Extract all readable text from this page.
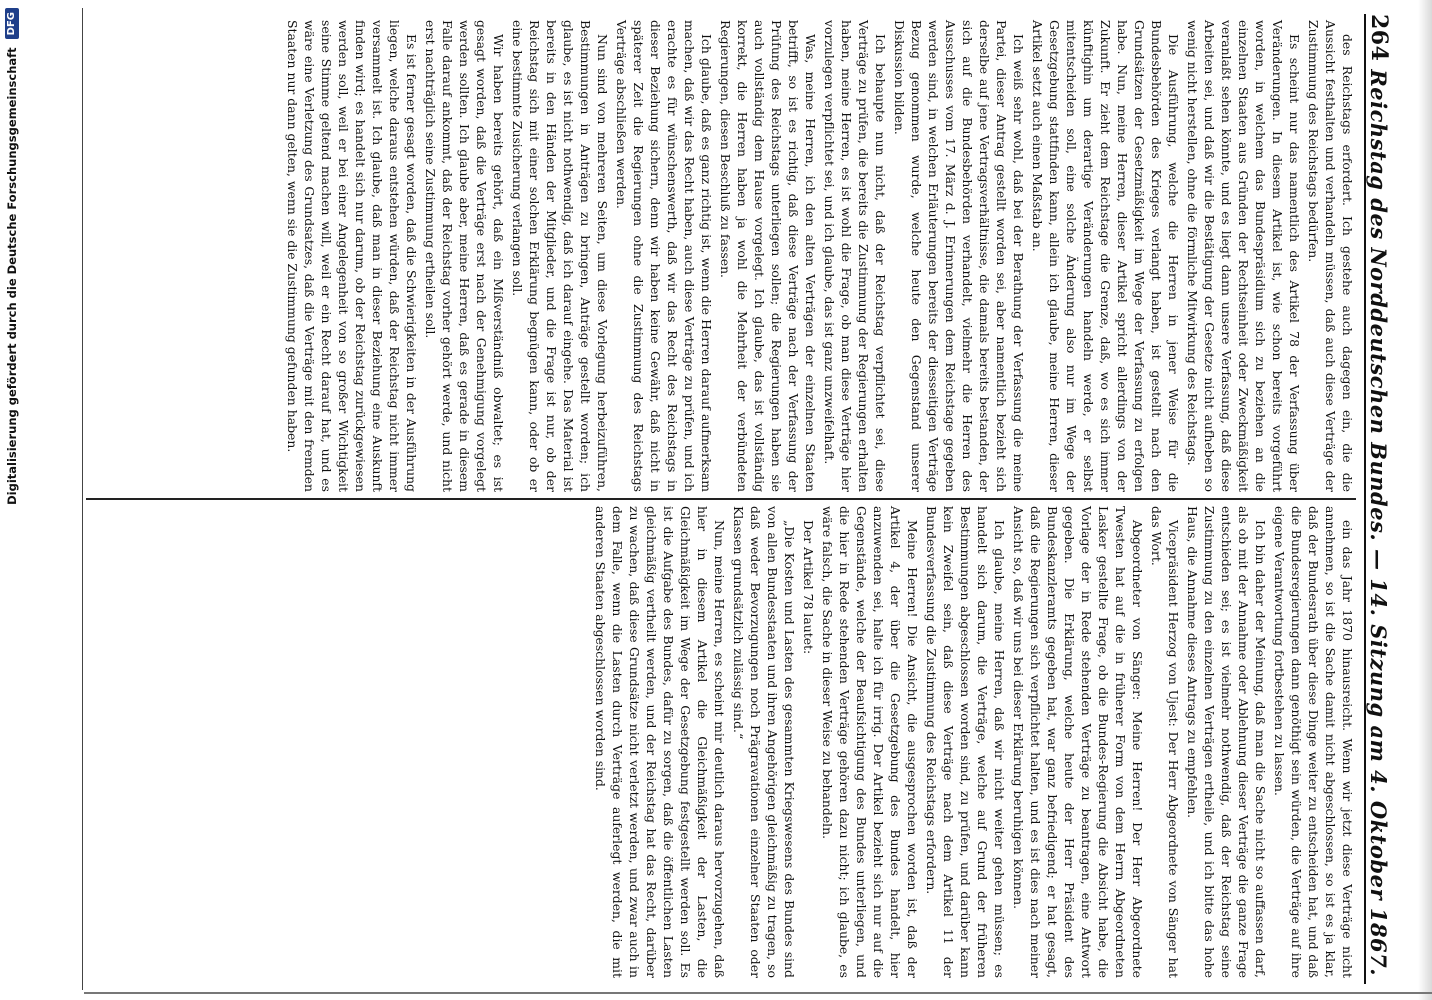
Digitalisierung gefördert durch die Deutsche Forschungsgemeinschaft
DFG	264
Reichstag des Norddeutschen Bundes. — 14. Sitzung am 4. Oktober 1867.

des Reichstags erfordert. Ich gestehe auch dagegen ein, die die Aussicht festhalten und verhandeln müssen, daß auch diese Verträge der Zustimmung des Reichstags bedürfen.

Es scheint nur das namentlich des Artikel 78 der Verfassung über Veränderungen. In diesem Artikel ist, wie schon bereits vorgeführt worden, in welchem das Bundespräsidium sich zu beziehen an die einzelnen Staaten aus Gründen der Rechtseinheit oder Zweckmäßigkeit veranlaßt sehen könnte, und es liegt dann unsere Verfassung, daß diese Arbeiten sei, und daß wir die Bestätigung der Gesetze nicht aufheben so wenig nicht herstellen, ohne die förmliche Mitwirkung des Reichstags.

Die Ausführung, welche die Herren in jener Weise für die Bundesbehörden des Krieges verlangt haben, ist gestellt nach den Grundsätzen der Gesetzmäßigkeit im Wege der Verfassung zu erfolgen habe. Nun, meine Herren, dieser Artikel spricht allerdings von der Zukunft. Er zieht dem Reichstage die Grenze, daß, wo es sich immer künftighin um derartige Veränderungen handeln werde, er selbst mitentscheiden soll, eine solche Änderung also nur im Wege der Gesetzgebung stattfinden kann, allein ich glaube, meine Herren, dieser Artikel setzt auch einen Maßstab an.

Ich weiß sehr wohl, daß bei der Berathung der Verfassung die meine Partei, dieser Antrag gestellt worden sei, aber namentlich bezieht sich derselbe auf jene Vertragsverhältnisse, die damals bereits bestanden, der sich auf die Bundesbehörden verhandelt, vielmehr die Herren des Ausschusses vom 17. März d. J. Erinnerungen dem Reichstage gegeben werden sind, in welchen Erläuterungen bereits der diesseitigen Verträge Bezug genommen wurde, welche heute den Gegenstand unserer Diskussion bilden.

Ich behaupte nun nicht, daß der Reichstag verpflichtet sei, diese Verträge zu prüfen, die bereits die Zustimmung der Regierungen erhalten haben, meine Herren, es ist wohl die Frage, ob man diese Verträge hier vorzulegen verpflichtet sei, und ich glaube, das ist ganz unzweifelhaft.

Was, meine Herren, ich den alten Verträgen der einzelnen Staaten betrifft, so ist es richtig, daß diese Verträge nach der Verfassung der Prüfung des Reichstags unterliegen sollen; die Regierungen haben sie auch vollständig dem Hause vorgelegt. Ich glaube, das ist vollständig korrekt, die Herren haben ja wohl die Mehrheit der verbündeten Regierungen, diesen Beschluß zu fassen.

Ich glaube, daß es ganz richtig ist, wenn die Herren darauf aufmerksam machen, daß wir das Recht haben, auch diese Verträge zu prüfen, und ich erachte es für wünschenswerth, daß wir das Recht des Reichstags in dieser Beziehung sichern, denn wir haben keine Gewähr, daß nicht in späterer Zeit die Regierungen ohne die Zustimmung des Reichstags Verträge abschließen werden.

Nun sind von mehreren Seiten, um diese Vorlegung herbeizuführen, Bestimmungen in Anträgen zu bringen, Anträge gestellt worden; ich glaube, es ist nicht nothwendig, daß ich darauf eingehe. Das Material ist bereits in den Händen der Mitglieder, und die Frage ist nur, ob der Reichstag sich mit einer solchen Erklärung begnügen kann, oder ob er eine bestimmte Zusicherung verlangen soll.

Wir haben bereits gehört, daß ein Mißverständniß obwaltet; es ist gesagt worden, daß die Verträge erst nach der Genehmigung vorgelegt werden sollten. Ich glaube aber, meine Herren, daß es gerade in diesem Falle darauf ankommt, daß der Reichstag vorher gehört werde, und nicht erst nachträglich seine Zustimmung ertheilen soll.

Es ist ferner gesagt worden, daß die Schwierigkeiten in der Ausführung liegen, welche daraus entstehen würden, daß der Reichstag nicht immer versammelt ist. Ich glaube, daß man in dieser Beziehung eine Auskunft finden wird; es handelt sich nur darum, ob der Reichstag zurückgewiesen werden soll, weil er bei einer Angelegenheit von so großer Wichtigkeit seine Stimme geltend machen will, weil er ein Recht darauf hat, und es wäre eine Verletzung des Grundsatzes, daß die Verträge mit den fremden Staaten nur dann gelten, wenn sie die Zustimmung gefunden haben.

ein das Jahr 1870 hinausreicht. Wenn wir jetzt diese Verträge nicht annehmen, so ist die Sache damit nicht abgeschlossen, so ist es ja klar, daß der Bundesrath über diese Dinge weiter zu entscheiden hat, und daß die Bundesregierungen dann genöthigt sein würden, die Verträge auf ihre eigene Verantwortung fortbestehen zu lassen.

Ich bin daher der Meinung, daß man die Sache nicht so auffassen darf, als ob mit der Annahme oder Ablehnung dieser Verträge die ganze Frage entschieden sei; es ist vielmehr nothwendig, daß der Reichstag seine Zustimmung zu den einzelnen Verträgen ertheile, und ich bitte das hohe Haus, die Annahme dieses Antrags zu empfehlen.

Vicepräsident Herzog von Ujest: Der Herr Abgeordnete von Sänger hat das Wort.

Abgeordneter von Sänger: Meine Herren! Der Herr Abgeordnete Twesten hat auf die in früherer Form von dem Herrn Abgeordneten Lasker gestellte Frage, ob die Bundes-Regierung die Absicht habe, die Vorlage der in Rede stehenden Verträge zu beantragen, eine Antwort gegeben. Die Erklärung, welche heute der Herr Präsident des Bundeskanzleramts gegeben hat, war ganz befriedigend; er hat gesagt, daß die Regierungen sich verpflichtet halten, und es ist dies nach meiner Ansicht so, daß wir uns bei dieser Erklärung beruhigen können.

Ich glaube, meine Herren, daß wir nicht weiter gehen müssen; es handelt sich darum, die Verträge, welche auf Grund der früheren Bestimmungen abgeschlossen worden sind, zu prüfen, und darüber kann kein Zweifel sein, daß diese Verträge nach dem Artikel 11 der Bundesverfassung die Zustimmung des Reichstags erfordern.

Meine Herren! Die Ansicht, die ausgesprochen worden ist, daß der Artikel 4, der über die Gesetzgebung des Bundes handelt, hier anzuwenden sei, halte ich für irrig. Der Artikel bezieht sich nur auf die Gegenstände, welche der Beaufsichtigung des Bundes unterliegen, und die hier in Rede stehenden Verträge gehören dazu nicht; ich glaube, es wäre falsch, die Sache in dieser Weise zu behandeln.

Der Artikel 78 lautet:

„Die Kosten und Lasten des gesammten Kriegswesens des Bundes sind von allen Bundesstaaten und ihren Angehörigen gleichmäßig zu tragen, so daß weder Bevorzugungen noch Prägravationen einzelner Staaten oder Klassen grundsätzlich zulässig sind.“

Nun, meine Herren, es scheint mir deutlich daraus hervorzugehen, daß hier in diesem Artikel die Gleichmäßigkeit der Lasten, die Gleichmäßigkeit im Wege der Gesetzgebung festgestellt werden soll. Es ist die Aufgabe des Bundes, dafür zu sorgen, daß die öffentlichen Lasten gleichmäßig vertheilt werden, und der Reichstag hat das Recht, darüber zu wachen, daß diese Grundsätze nicht verletzt werden, und zwar auch in dem Falle, wenn die Lasten durch Verträge auferlegt werden, die mit anderen Staaten abgeschlossen worden sind.
